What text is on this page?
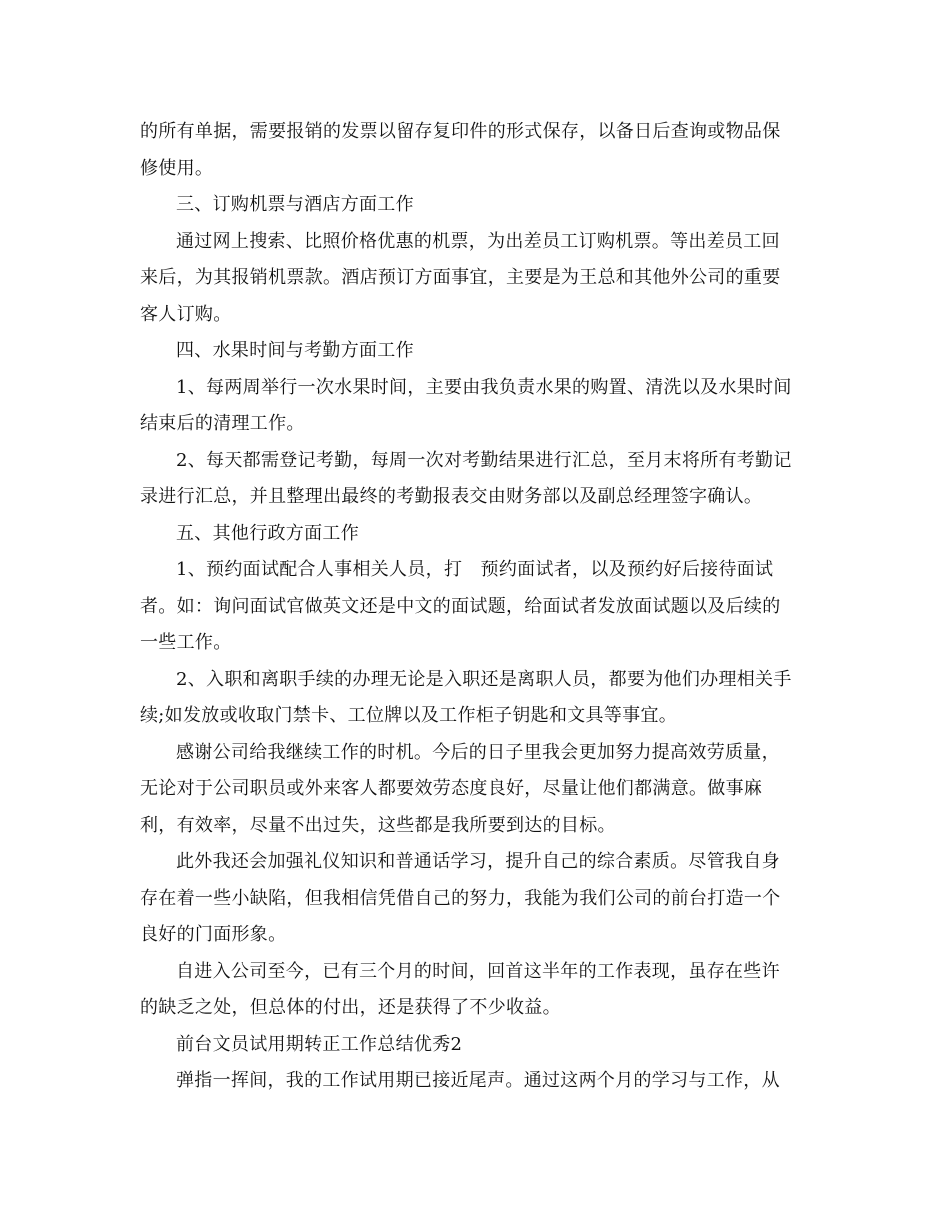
的所有单据，需要报销的发票以留存复印件的形式保存，以备日后查询或物品保
修使用。
三、订购机票与酒店方面工作
通过网上搜索、比照价格优惠的机票，为出差员工订购机票。等出差员工回
来后，为其报销机票款。酒店预订方面事宜，主要是为王总和其他外公司的重要
客人订购。
四、水果时间与考勤方面工作
1、每两周举行一次水果时间，主要由我负责水果的购置、清洗以及水果时间
结束后的清理工作。
2、每天都需登记考勤，每周一次对考勤结果进行汇总，至月末将所有考勤记
录进行汇总，并且整理出最终的考勤报表交由财务部以及副总经理签字确认。
五、其他行政方面工作
1、预约面试配合人事相关人员，打　预约面试者，以及预约好后接待面试
者。如：询问面试官做英文还是中文的面试题，给面试者发放面试题以及后续的
一些工作。
2、入职和离职手续的办理无论是入职还是离职人员，都要为他们办理相关手
续;如发放或收取门禁卡、工位牌以及工作柜子钥匙和文具等事宜。
感谢公司给我继续工作的时机。今后的日子里我会更加努力提高效劳质量，
无论对于公司职员或外来客人都要效劳态度良好，尽量让他们都满意。做事麻
利，有效率，尽量不出过失，这些都是我所要到达的目标。
此外我还会加强礼仪知识和普通话学习，提升自己的综合素质。尽管我自身
存在着一些小缺陷，但我相信凭借自己的努力，我能为我们公司的前台打造一个
良好的门面形象。
自进入公司至今，已有三个月的时间，回首这半年的工作表现，虽存在些许
的缺乏之处，但总体的付出，还是获得了不少收益。
前台文员试用期转正工作总结优秀2
弹指一挥间，我的工作试用期已接近尾声。通过这两个月的学习与工作，从
